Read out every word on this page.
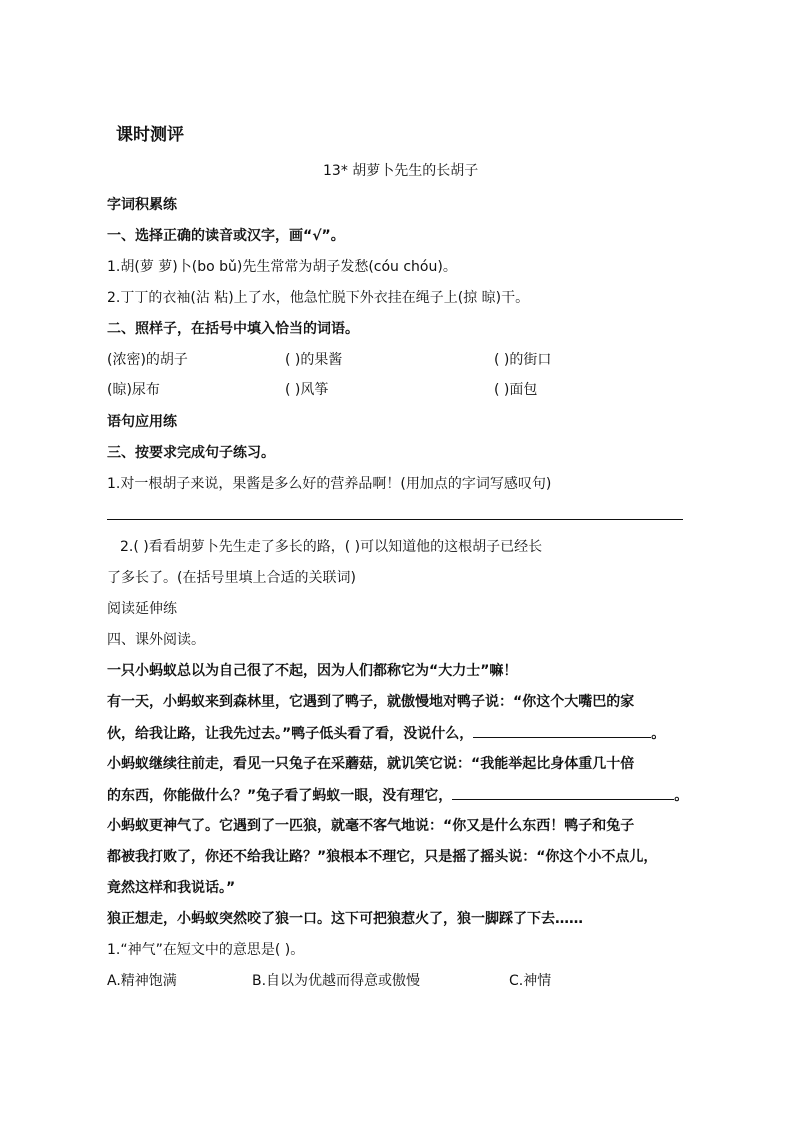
课时测评
13* 胡萝卜先生的长胡子
字词积累练
一、选择正确的读音或汉字，画“√”。
1.胡(萝 萝)卜(bo bǔ)先生常常为胡子发愁(cóu chóu)。
2.丁丁的衣袖(沾 粘)上了水，他急忙脱下外衣挂在绳子上(掠 晾)干。
二、照样子，在括号中填入恰当的词语。
(浓密)的胡子	( )的果酱	( )的街口
(晾)尿布	( )风筝	( )面包
语句应用练
三、按要求完成句子练习。
1.对一根胡子来说，果酱是多么好的营养品啊！(用加点的字词写感叹句)
2.( )看看胡萝卜先生走了多长的路，( )可以知道他的这根胡子已经长
了多长了。(在括号里填上合适的关联词)
阅读延伸练
四、课外阅读。
一只小蚂蚁总以为自己很了不起，因为人们都称它为“大力士”嘛！
有一天，小蚂蚁来到森林里，它遇到了鸭子，就傲慢地对鸭子说：“你这个大嘴巴的家
伙，给我让路，让我先过去。”鸭子低头看了看，没说什么，	。
小蚂蚁继续往前走，看见一只兔子在采蘑菇，就讥笑它说：“我能举起比身体重几十倍
的东西，你能做什么？”兔子看了蚂蚁一眼，没有理它，	。
小蚂蚁更神气了。它遇到了一匹狼，就毫不客气地说：“你又是什么东西！鸭子和兔子
都被我打败了，你还不给我让路？”狼根本不理它，只是摇了摇头说：“你这个小不点儿，
竟然这样和我说话。”
狼正想走，小蚂蚁突然咬了狼一口。这下可把狼惹火了，狼一脚踩了下去……
1.“神气”在短文中的意思是( )。
A.精神饱满	B.自以为优越而得意或傲慢	C.神情
